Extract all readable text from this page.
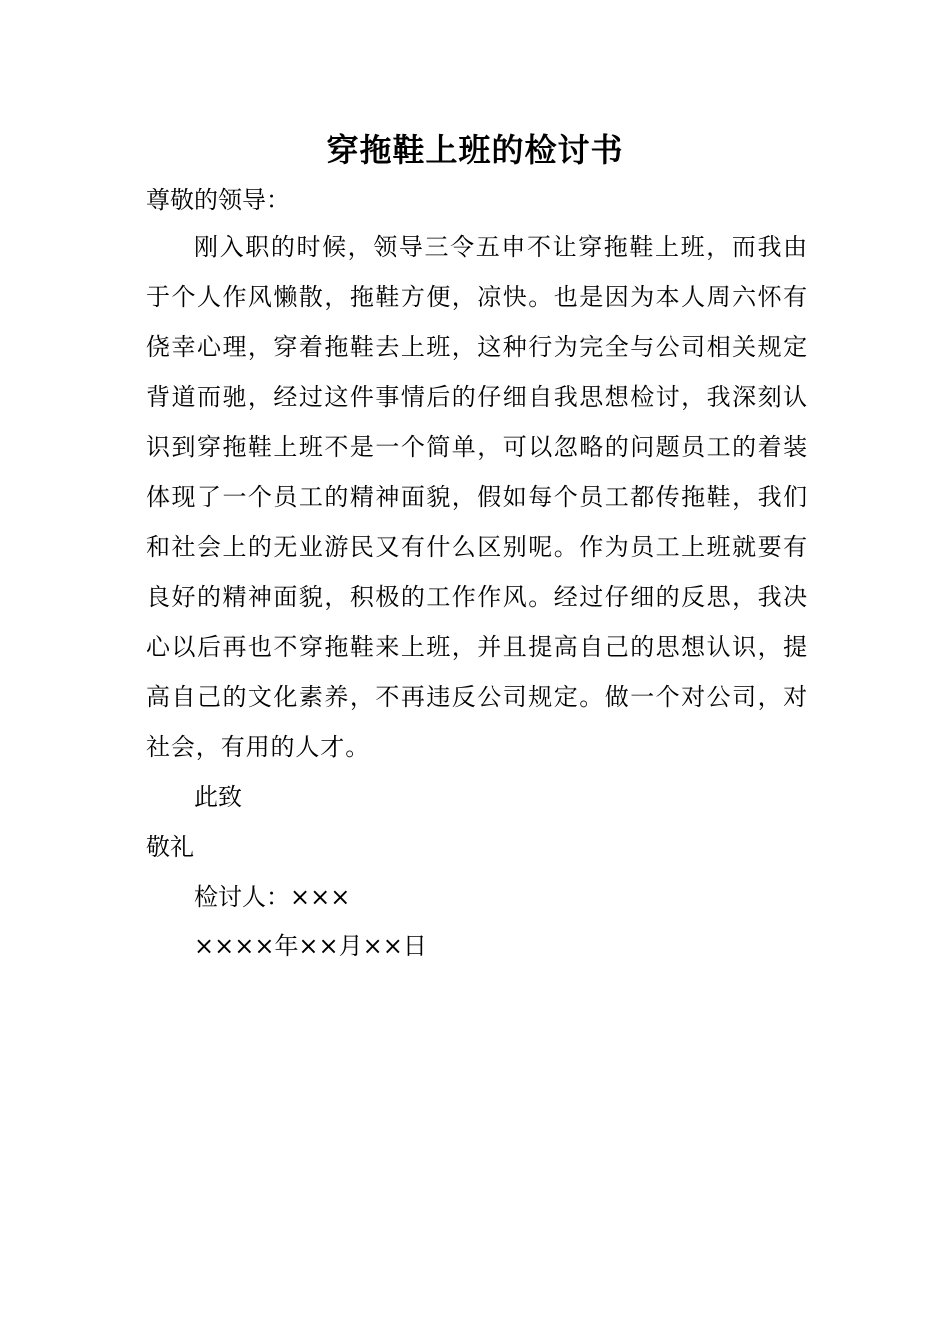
穿拖鞋上班的检讨书
尊敬的领导：

刚入职的时候，领导三令五申不让穿拖鞋上班，而我由于个人作风懒散，拖鞋方便，凉快。也是因为本人周六怀有侥幸心理，穿着拖鞋去上班，这种行为完全与公司相关规定背道而驰，经过这件事情后的仔细自我思想检讨，我深刻认识到穿拖鞋上班不是一个简单，可以忽略的问题员工的着装体现了一个员工的精神面貌，假如每个员工都传拖鞋，我们和社会上的无业游民又有什么区别呢。作为员工上班就要有良好的精神面貌，积极的工作作风。经过仔细的反思，我决心以后再也不穿拖鞋来上班，并且提高自己的思想认识，提高自己的文化素养，不再违反公司规定。做一个对公司，对社会，有用的人才。

此致
敬礼
检讨人：×××
××××年××月××日
